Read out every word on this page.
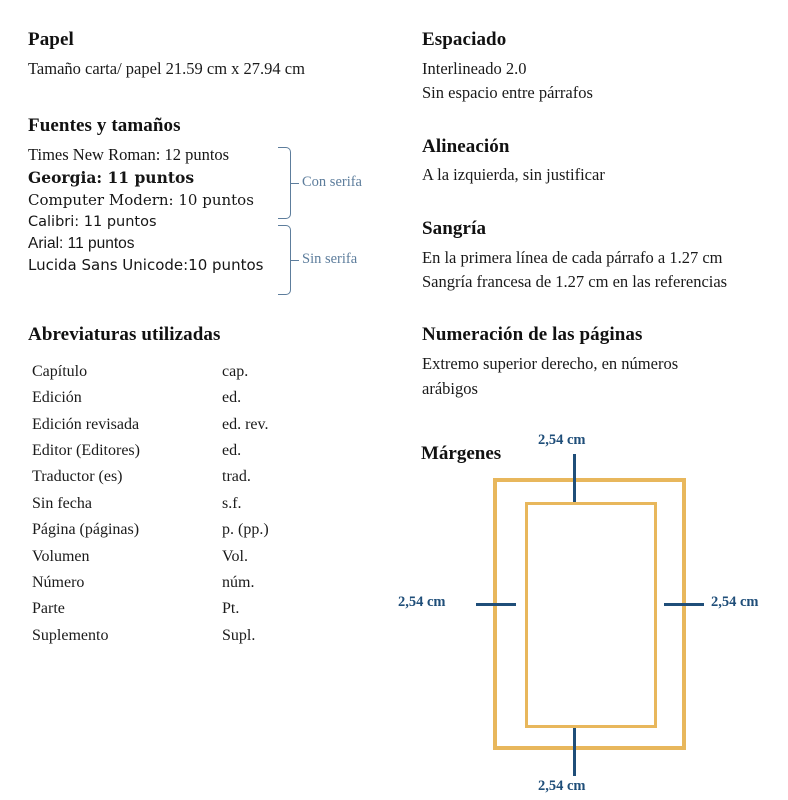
Papel

Tamaño carta/ papel 21.59 cm x 27.94 cm

Fuentes y tamaños

Times New Roman: 12 puntos

Georgia: 11 puntos

Computer Modern: 10 puntos

Calibri: 11 puntos

Arial: 11 puntos

Lucida Sans Unicode:10 puntos

Con serifa
Sin serifa
Abreviaturas utilizadas
Capítulo	cap.
Edición	ed.
Edición revisada	ed. rev.
Editor (Editores)	ed.
Traductor (es)	trad.
Sin fecha	s.f.
Página (páginas)	p. (pp.)
Volumen	Vol.
Número	núm.
Parte	Pt.
Suplemento	Supl.
Espaciado

Interlineado 2.0

Sin espacio entre párrafos

Alineación

A la izquierda, sin justificar

Sangría

En la primera línea de cada párrafo a 1.27 cm

Sangría francesa de 1.27 cm en las referencias

Numeración de las páginas

Extremo superior derecho, en números

arábigos

Márgenes
2,54 cm
2,54 cm
2,54 cm	2,54 cm
